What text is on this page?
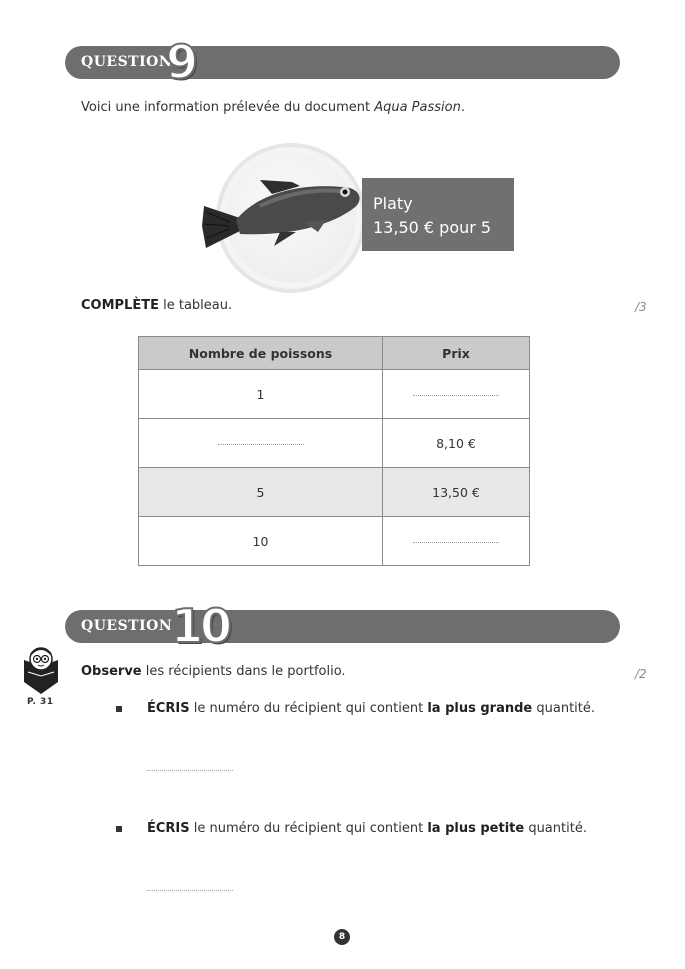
QUESTION
9
Voici une information prélevée du document Aqua Passion.
Platy
13,50 € pour 5
COMPLÈTE le tableau.	/3
Nombre de poissons	Prix
1	
	8,10 €
5	13,50 €
10	
QUESTION
10
P. 31
Observe les récipients dans le portfolio.	/2
ÉCRIS le numéro du récipient qui contient la plus grande quantité.
ÉCRIS le numéro du récipient qui contient la plus petite quantité.
8
